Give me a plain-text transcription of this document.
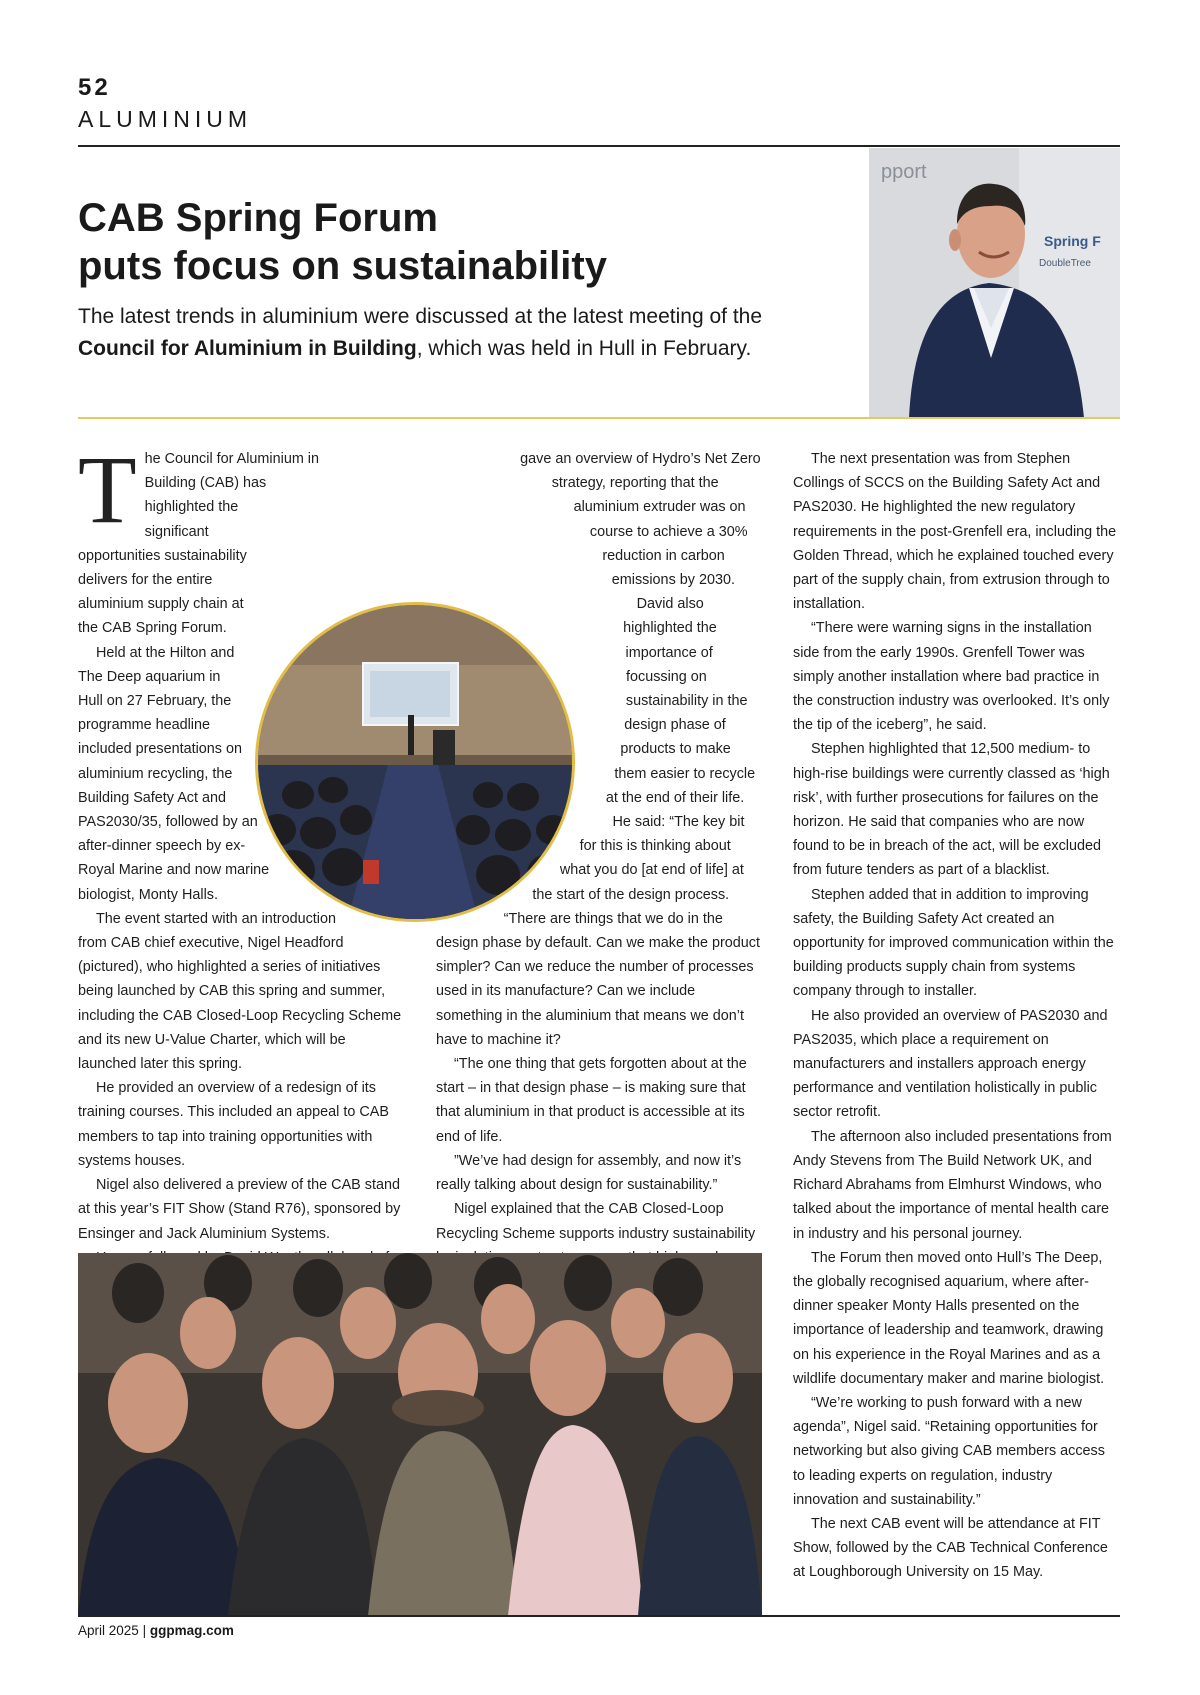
52
ALUMINIUM
CAB Spring Forum
puts focus on sustainability

The latest trends in aluminium were discussed at the latest meeting of the Council for Aluminium in Building, which was held in Hull in February.

pport
Spring F
DoubleTree

The Council for Aluminium in Building (CAB) has highlighted the significant opportunities sustainability delivers for the entire aluminium supply chain at the CAB Spring Forum.

Held at the Hilton and The Deep aquarium in Hull on 27 February, the programme headline included presentations on aluminium recycling, the Building Safety Act and PAS2030/35, followed by an after-dinner speech by ex-Royal Marine and now marine biologist, Monty Halls.

The event started with an introduction from CAB chief executive, Nigel Headford (pictured), who highlighted a series of initiatives being launched by CAB this spring and summer, including the CAB Closed-Loop Recycling Scheme and its new U-Value Charter, which will be launched later this spring.

He provided an overview of a redesign of its training courses. This included an appeal to CAB members to tap into training opportunities with systems houses.

Nigel also delivered a preview of the CAB stand at this year’s FIT Show (Stand R76), sponsored by Ensinger and Jack Aluminium Systems.

gave an overview of Hydro’s Net Zero strategy, reporting that the aluminium extruder was on course to achieve a 30% reduction in carbon emissions by 2030.

David also highlighted the importance of focussing on sustainability in the design phase of products to make them easier to recycle at the end of their life.

He said: “The key bit for this is thinking about what you do [at end of life] at the start of the design process.

“There are things that we do in the design phase by default. Can we make the product simpler? Can we reduce the number of processes used in its manufacture? Can we include something in the aluminium that means we don’t have to machine it?

“The one thing that gets forgotten about at the start – in that design phase – is making sure that that aluminium in that product is accessible at its end of life.

”We’ve had design for assembly, and now it’s really talking about design for sustainability.”

Nigel explained that the CAB Closed-Loop Recycling Scheme supports industry sustainability

The next presentation was from Stephen Collings of SCCS on the Building Safety Act and PAS2030. He highlighted the new regulatory requirements in the post-Grenfell era, including the Golden Thread, which he explained touched every part of the supply chain, from extrusion through to installation.

“There were warning signs in the installation side from the early 1990s. Grenfell Tower was simply another installation where bad practice in the construction industry was overlooked. It’s only the tip of the iceberg”, he said.

Stephen highlighted that 12,500 medium- to high-rise buildings were currently classed as ‘high risk’, with further prosecutions for failures on the horizon. He said that companies who are now found to be in breach of the act, will be excluded from future tenders as part of a blacklist.

Stephen added that in addition to improving safety, the Building Safety Act created an opportunity for improved communication within the building products supply chain from systems company through to installer.

He also provided an overview of PAS2030 and PAS2035, which place a requirement on manufacturers and installers approach energy performance and ventilation holistically in public sector retrofit.

The afternoon also included presentations from Andy Stevens from The Build Network UK, and Richard Abrahams from Elmhurst Windows, who talked about the importance of mental health care in industry and his personal journey.

The Forum then moved onto Hull’s The Deep, the globally recognised aquarium, where after-dinner speaker Monty Halls presented on the importance of leadership and teamwork, drawing on his experience in the Royal Marines and as a wildlife documentary maker and marine biologist.

“We’re working to push forward with a new agenda”, Nigel said. “Retaining opportunities for networking but also giving CAB members access to leading experts on regulation, industry innovation and sustainability.”

The next CAB event will be attendance at FIT Show, followed by the CAB Technical Conference at Loughborough University on 15 May.

April 2025 | ggpmag.com
